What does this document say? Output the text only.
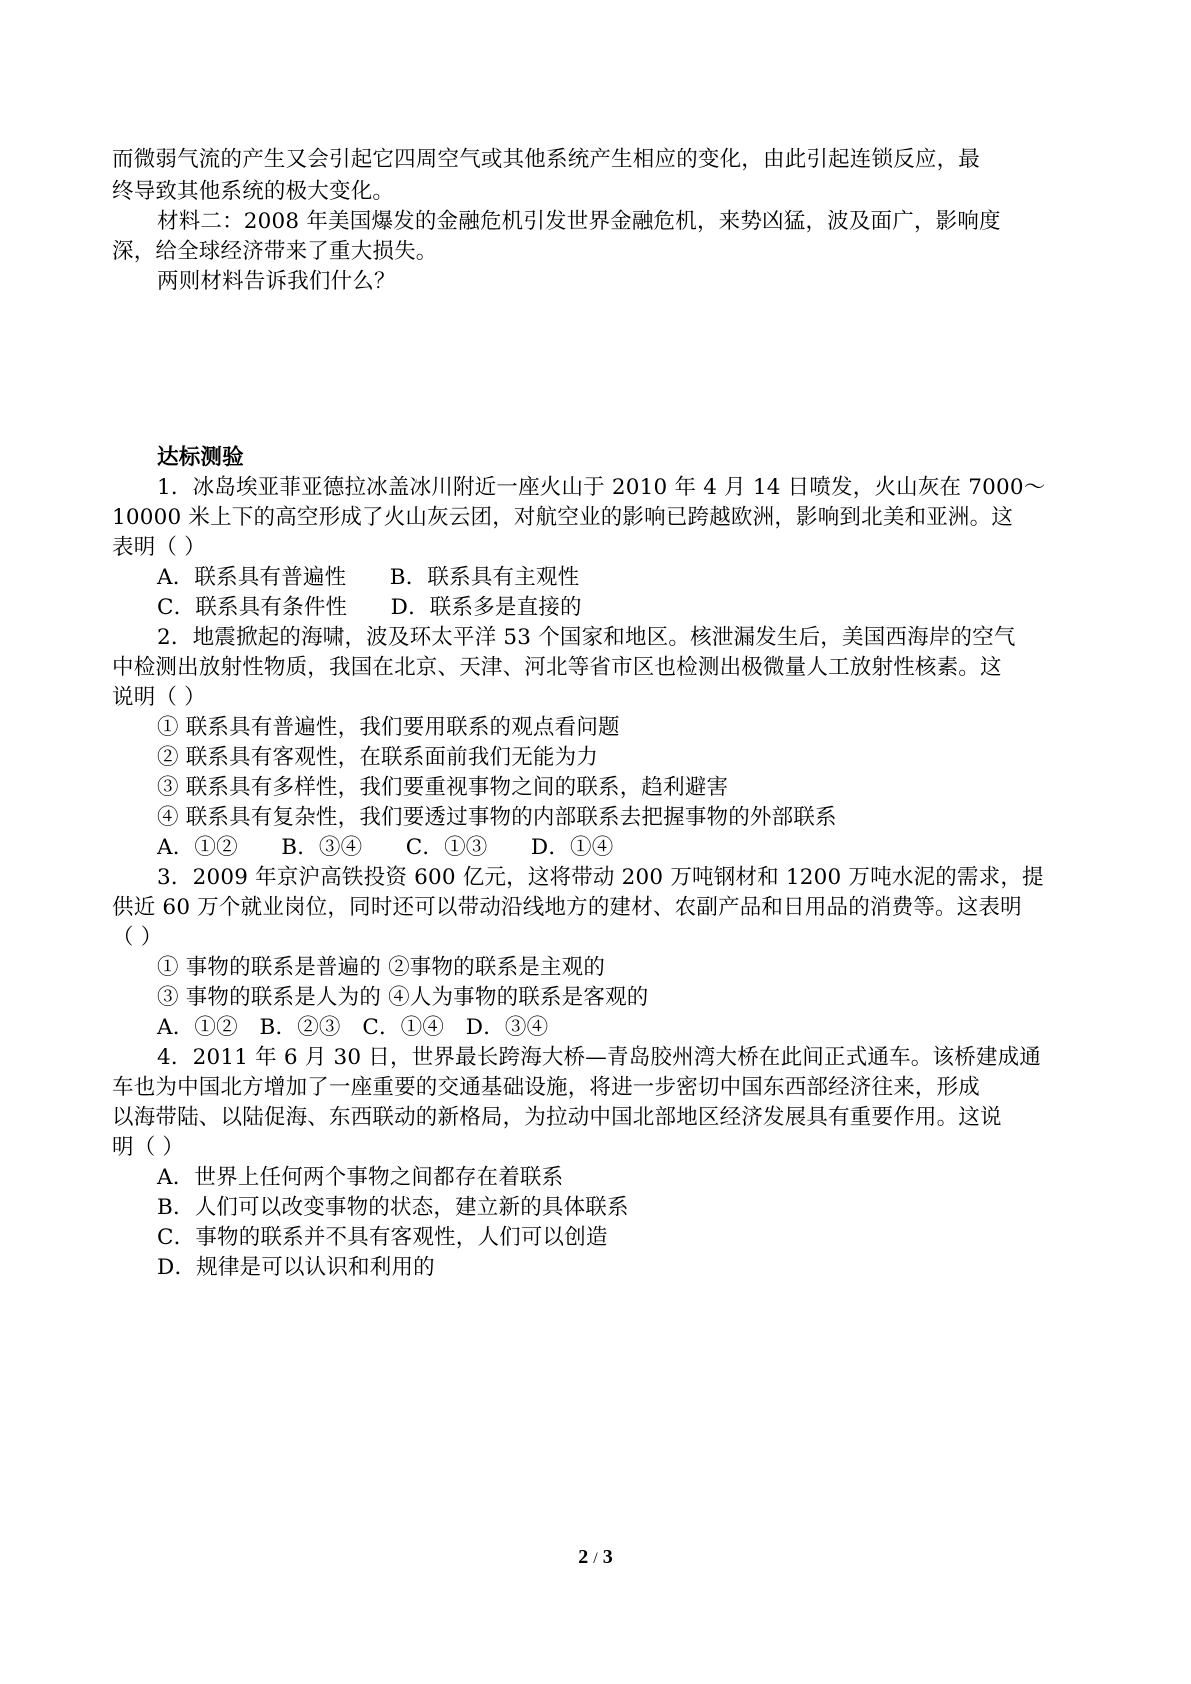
而微弱气流的产生又会引起它四周空气或其他系统产生相应的变化，由此引起连锁反应，最
终导致其他系统的极大变化。
材料二：2008 年美国爆发的金融危机引发世界金融危机，来势凶猛，波及面广，影响度
深，给全球经济带来了重大损失。
两则材料告诉我们什么？
达标测验
1．冰岛埃亚菲亚德拉冰盖冰川附近一座火山于 2010 年 4 月 14 日喷发，火山灰在 7000～
10000 米上下的高空形成了火山灰云团，对航空业的影响已跨越欧洲，影响到北美和亚洲。这
表明（ ）
A．联系具有普遍性　　B．联系具有主观性
C．联系具有条件性　　D．联系多是直接的
2．地震掀起的海啸，波及环太平洋 53 个国家和地区。核泄漏发生后，美国西海岸的空气
中检测出放射性物质，我国在北京、天津、河北等省市区也检测出极微量人工放射性核素。这
说明（ ）
① 联系具有普遍性，我们要用联系的观点看问题
② 联系具有客观性，在联系面前我们无能为力
③ 联系具有多样性，我们要重视事物之间的联系，趋利避害
④ 联系具有复杂性，我们要透过事物的内部联系去把握事物的外部联系
A．①②　　B．③④　　C．①③　　D．①④
3．2009 年京沪高铁投资 600 亿元，这将带动 200 万吨钢材和 1200 万吨水泥的需求，提
供近 60 万个就业岗位，同时还可以带动沿线地方的建材、农副产品和日用品的消费等。这表明
（ ）
① 事物的联系是普遍的 ②事物的联系是主观的
③ 事物的联系是人为的 ④人为事物的联系是客观的
A．①②　B．②③　C．①④　D．③④
4．2011 年 6 月 30 日，世界最长跨海大桥—青岛胶州湾大桥在此间正式通车。该桥建成通
车也为中国北方增加了一座重要的交通基础设施，将进一步密切中国东西部经济往来，形成
以海带陆、以陆促海、东西联动的新格局，为拉动中国北部地区经济发展具有重要作用。这说
明（ ）
A．世界上任何两个事物之间都存在着联系
B．人们可以改变事物的状态，建立新的具体联系
C．事物的联系并不具有客观性，人们可以创造
D．规律是可以认识和利用的
2 / 3
